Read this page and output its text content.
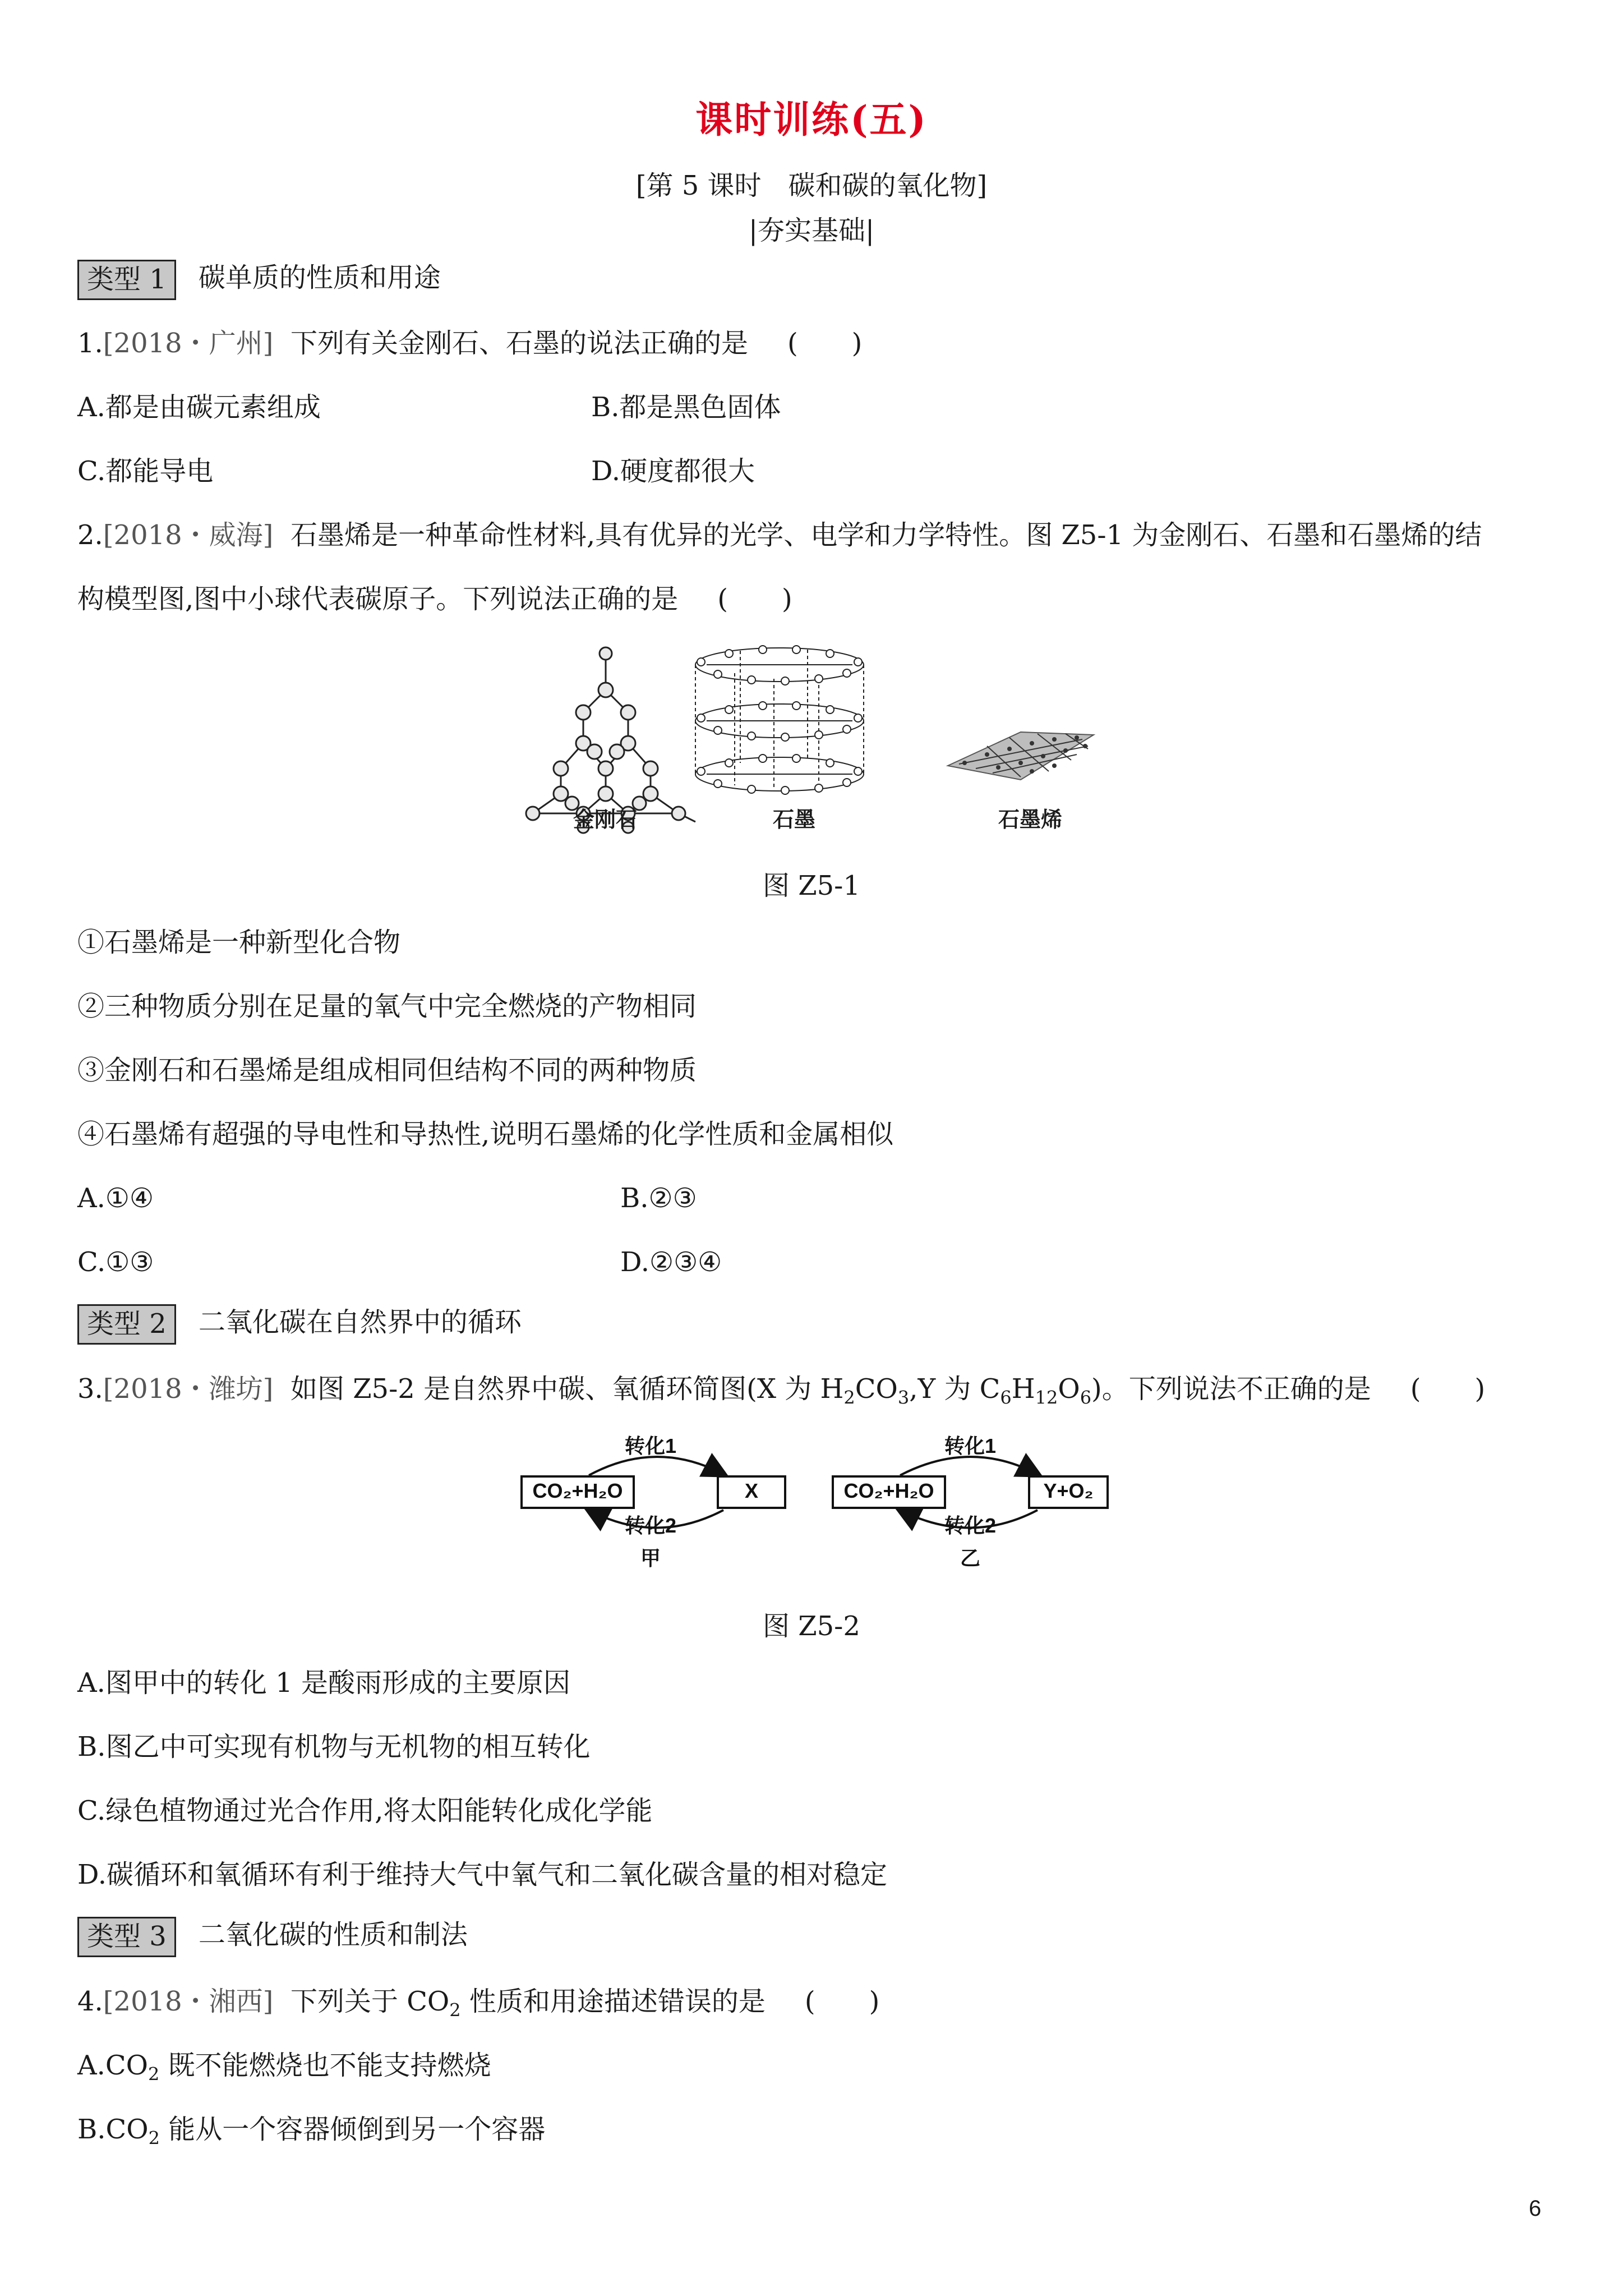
课时训练(五)
[第 5 课时　碳和碳的氧化物]
|夯实基础|
类型 1 碳单质的性质和用途
1.[2018・广州] 下列有关金刚石、石墨的说法正确的是 (　　)
A.都是由碳元素组成	B.都是黑色固体
C.都能导电	D.硬度都很大
2.[2018・威海] 石墨烯是一种革命性材料,具有优异的光学、电学和力学特性。图 Z5-1 为金刚石、石墨和石墨烯的结
构模型图,图中小球代表碳原子。下列说法正确的是 (　　)
金刚石	石墨	石墨烯
图 Z5-1
①石墨烯是一种新型化合物
②三种物质分别在足量的氧气中完全燃烧的产物相同
③金刚石和石墨烯是组成相同但结构不同的两种物质
④石墨烯有超强的导电性和导热性,说明石墨烯的化学性质和金属相似
A.①④	B.②③
C.①③	D.②③④
类型 2 二氧化碳在自然界中的循环
3.[2018・潍坊] 如图 Z5-2 是自然界中碳、氧循环简图(X 为 $H_2CO_3,Y$ 为 $C_6H_{12}O_6$)。下列说法不正确的是 (　　)
CO₂+H₂O	X
转化1
转化2
甲
CO₂+H₂O	Y+O₂
转化1
转化2
乙
图 Z5-2
A.图甲中的转化 1 是酸雨形成的主要原因
B.图乙中可实现有机物与无机物的相互转化
C.绿色植物通过光合作用,将太阳能转化成化学能
D.碳循环和氧循环有利于维持大气中氧气和二氧化碳含量的相对稳定
类型 3 二氧化碳的性质和制法
4.[2018・湘西] 下列关于 $CO_2$ 性质和用途描述错误的是 (　　)
$A.CO_2$ 既不能燃烧也不能支持燃烧
$B.CO_2$ 能从一个容器倾倒到另一个容器
6
